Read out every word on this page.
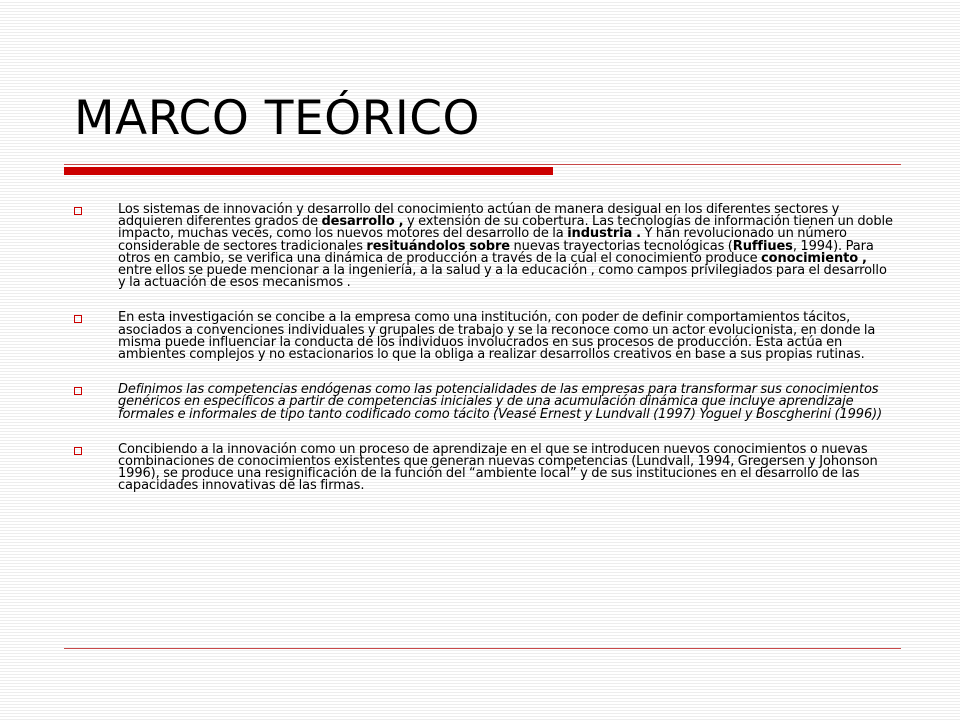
MARCO TEÓRICO
Los sistemas de innovación y desarrollo del conocimiento actúan de manera desigual en los diferentes sectores y adquieren diferentes grados de desarrollo , y extensión de su cobertura. Las tecnologías de información tienen un doble impacto, muchas veces, como los nuevos motores del desarrollo de la industria . Y han revolucionado un número considerable de sectores tradicionales resituándolos sobre nuevas trayectorias tecnológicas (Ruffiues, 1994). Para otros en cambio, se verifica una dinámica de producción a través de la cual el conocimiento produce conocimiento , entre ellos se puede mencionar a la ingeniería, a la salud y a la educación , como campos privilegiados para el desarrollo y la actuación de esos mecanismos .
En esta investigación se concibe a la empresa como una institución, con poder de definir comportamientos tácitos, asociados a convenciones individuales y grupales de trabajo y se la reconoce como un actor evolucionista, en donde la misma puede influenciar la conducta de los individuos involucrados en sus procesos de producción. Esta actúa en ambientes complejos y no estacionarios lo que la obliga a realizar desarrollos creativos en base a sus propias rutinas.
Definimos las competencias endógenas como las potencialidades de las empresas para transformar sus conocimientos genéricos en específicos a partir de competencias iniciales y de una acumulación dinámica que incluye aprendizaje formales e informales de tipo tanto codificado como tácito (Veasé Ernest y Lundvall (1997) Yoguel y Boscgherini (1996))
Concibiendo a la innovación como un proceso de aprendizaje en el que se introducen nuevos conocimientos o nuevas combinaciones de conocimientos existentes que generan nuevas competencias (Lundvall, 1994, Gregersen y Johonson 1996), se produce una resignificación de la función del “ambiente local” y de sus instituciones en el desarrollo de las capacidades innovativas de las firmas.
